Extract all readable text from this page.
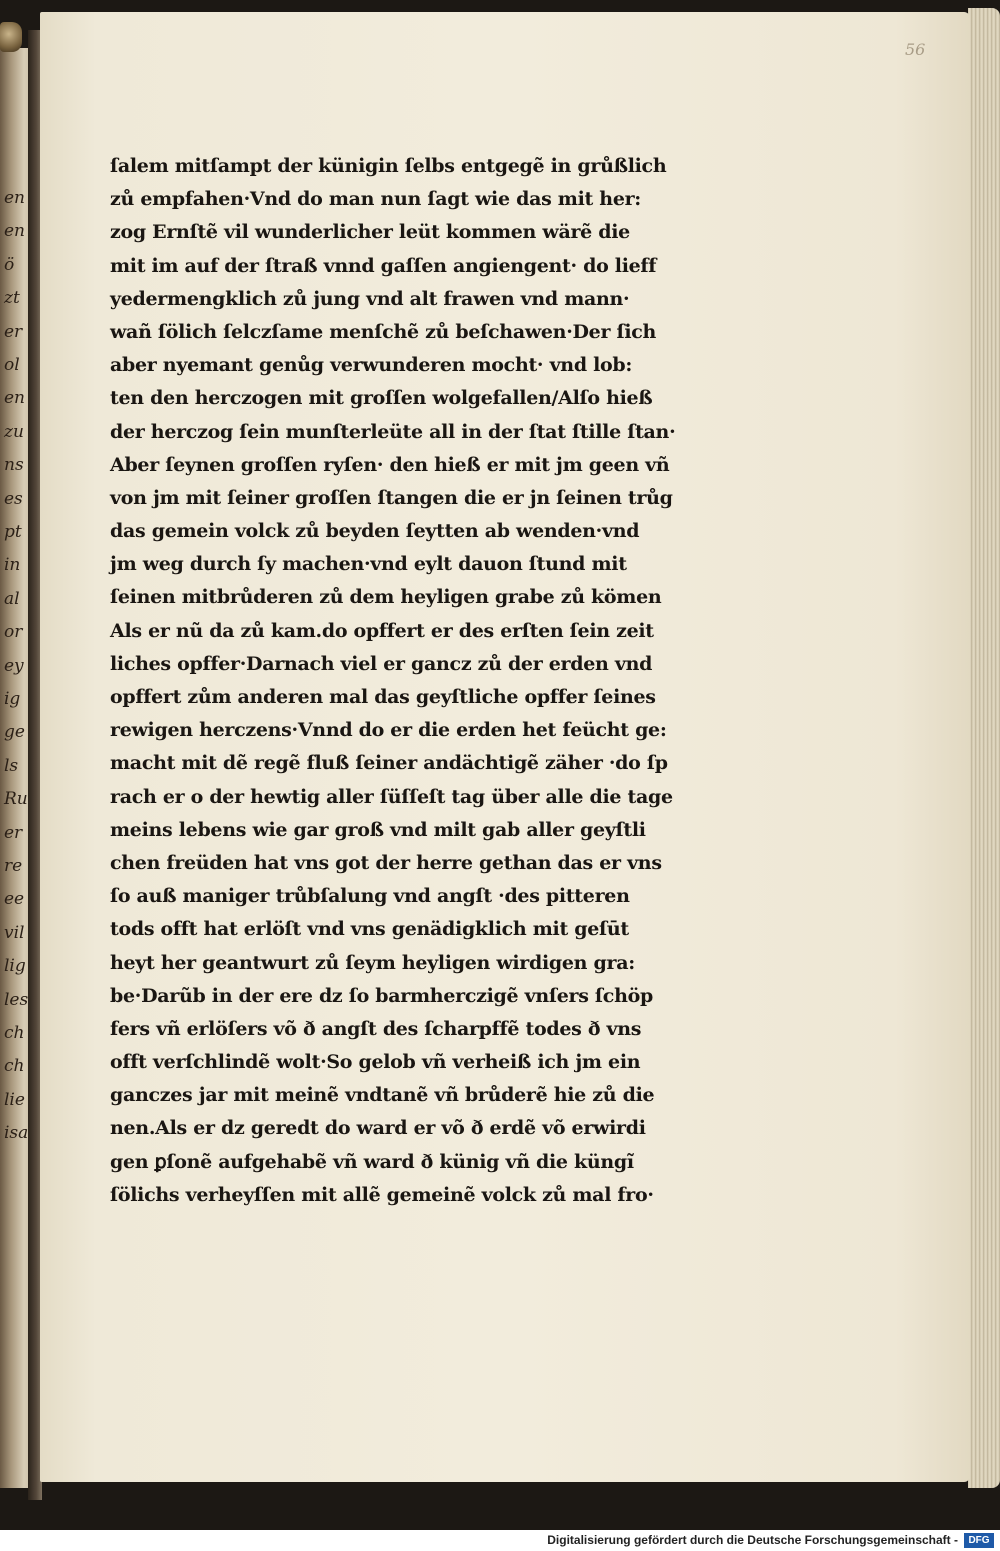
en
en
ö
zt
er
ol
en
zu
ns
es
pt
in
al
or
ey
ig
ge
ls
Ru
er
re
ee
vil
lig
les
ch
ch
lie
isa
56
ſalem mitſampt der künigin ſelbs entgegẽ in grůßlich
zů empfahen·Vnd do man nun ſagt wie das mit her:
zog Ernſtẽ vil wunderlicher leüt kommen wärẽ die
mit im auf der ſtraß vnnd gaſſen angiengent· do lieff
yedermengklich zů jung vnd alt frawen vnd mann·
wañ ſölich ſelczſame menſchẽ zů beſchawen·Der ſich
aber nyemant genůg verwunderen mocht· vnd lob:
ten den herczogen mit groſſen wolgefallen/Alſo hieß
der herczog ſein munſterleüte all in der ſtat ſtille ſtan·
Aber ſeynen groſſen ryſen· den hieß er mit jm geen vñ
von jm mit ſeiner groſſen ſtangen die er jn ſeinen trůg
das gemein volck zů beyden ſeytten ab wenden·vnd
jm weg durch ſy machen·vnd eylt dauon ſtund mit
ſeinen mitbrůderen zů dem heyligen grabe zů kömen
Als er nũ da zů kam.do opffert er des erſten ſein zeit
liches opffer·Darnach viel er gancz zů der erden vnd
opffert zům anderen mal das geyſtliche opffer ſeines
rewigen herczens·Vnnd do er die erden het feücht ge:
macht mit dẽ regẽ fluß ſeiner andächtigẽ zäher ·do ſp
rach er o der hewtig aller ſüſſeſt tag über alle die tage
meins lebens wie gar groß vnd milt gab aller geyſtli
chen freüden hat vns got der herre gethan das er vns
ſo auß maniger trůbſalung vnd angſt ·des pitteren
tods offt hat erlöſt vnd vns genädigklich mit geſūt
heyt her geantwurt zů ſeym heyligen wirdigen gra:
be·Darũb in der ere dz ſo barmherczigẽ vnſers ſchöp
fers vñ erlöſers võ ð angſt des ſcharpffẽ todes ð vns
offt verſchlindẽ wolt·So gelob vñ verheiß ich jm ein
ganczes jar mit meinẽ vndtanẽ vñ brůderẽ hie zů die
nen.Als er dz geredt do ward er võ ð erdẽ võ erwirdi
gen ꝑſonẽ aufgehabẽ vñ ward ð künig vñ die küngĩ
ſölichs verheyſſen mit allẽ gemeinẽ volck zů mal fro·
Digitalisierung gefördert durch die Deutsche Forschungsgemeinschaft -	DFG
